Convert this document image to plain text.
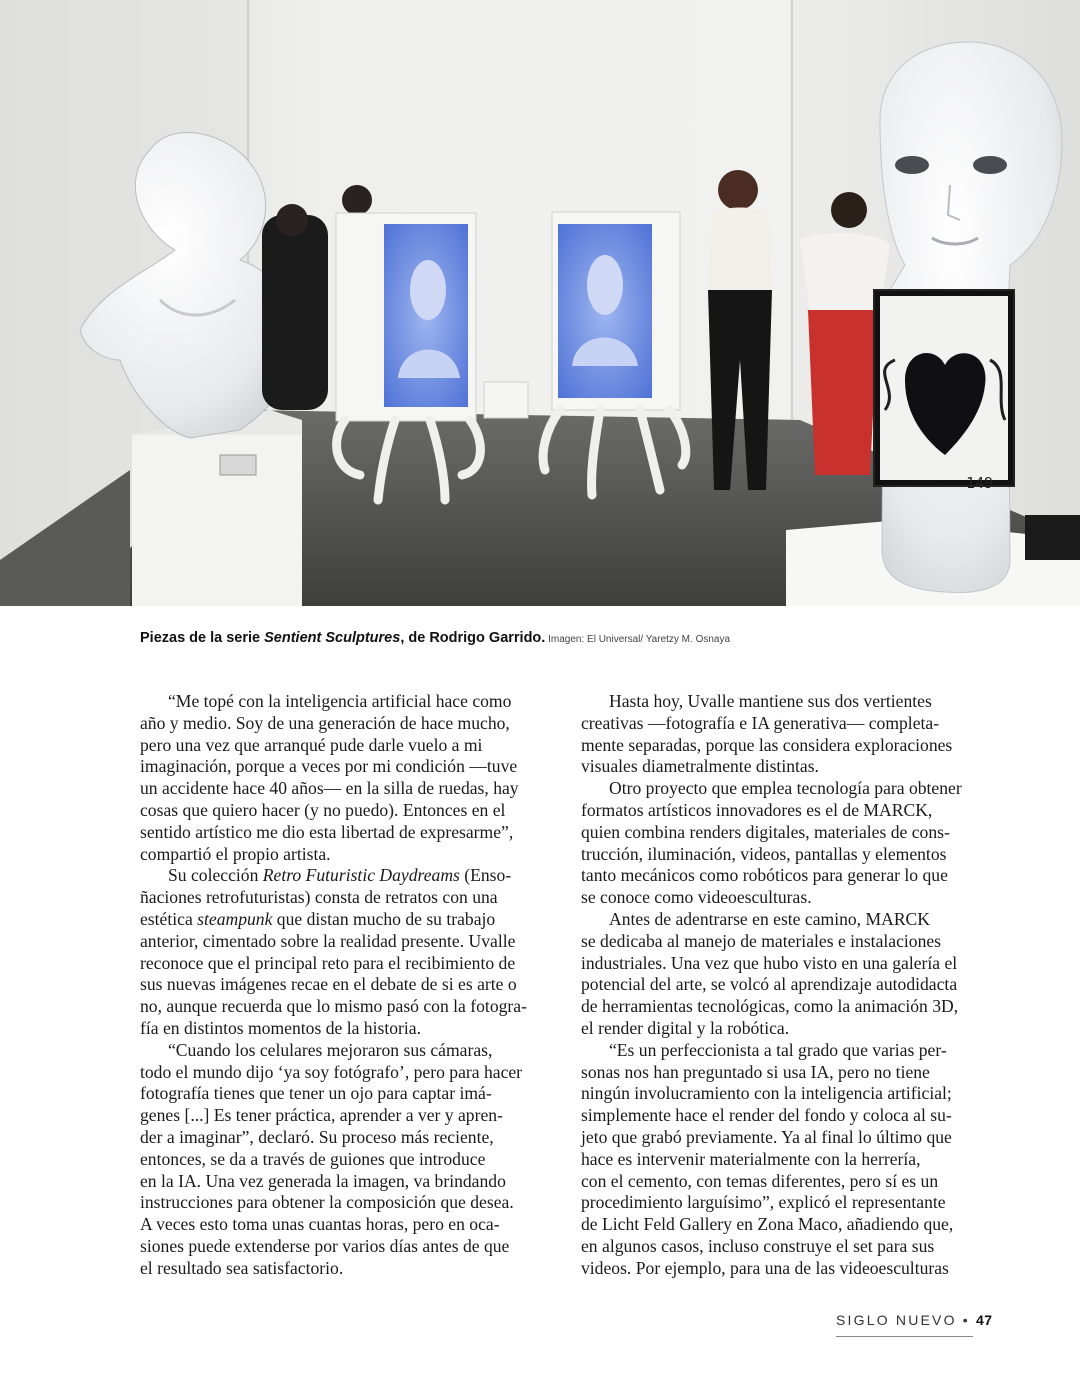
149
Piezas de la serie Sentient Sculptures, de Rodrigo Garrido. Imagen: El Universal/ Yaretzy M. Osnaya
“Me topé con la inteligencia artificial hace como
año y medio. Soy de una generación de hace mucho,
pero una vez que arranqué pude darle vuelo a mi
imaginación, porque a veces por mi condición —tuve
un accidente hace 40 años— en la silla de ruedas, hay
cosas que quiero hacer (y no puedo). Entonces en el
sentido artístico me dio esta libertad de expresarme”,
compartió el propio artista.
Su colección Retro Futuristic Daydreams (Enso-
ñaciones retrofuturistas) consta de retratos con una
estética steampunk que distan mucho de su trabajo
anterior, cimentado sobre la realidad presente. Uvalle
reconoce que el principal reto para el recibimiento de
sus nuevas imágenes recae en el debate de si es arte o
no, aunque recuerda que lo mismo pasó con la fotogra-
fía en distintos momentos de la historia.
“Cuando los celulares mejoraron sus cámaras,
todo el mundo dijo ‘ya soy fotógrafo’, pero para hacer
fotografía tienes que tener un ojo para captar imá-
genes [...] Es tener práctica, aprender a ver y apren-
der a imaginar”, declaró. Su proceso más reciente,
entonces, se da a través de guiones que introduce
en la IA. Una vez generada la imagen, va brindando
instrucciones para obtener la composición que desea.
A veces esto toma unas cuantas horas, pero en oca-
siones puede extenderse por varios días antes de que
el resultado sea satisfactorio.
Hasta hoy, Uvalle mantiene sus dos vertientes
creativas —fotografía e IA generativa— completa-
mente separadas, porque las considera exploraciones
visuales diametralmente distintas.
Otro proyecto que emplea tecnología para obtener
formatos artísticos innovadores es el de MARCK,
quien combina renders digitales, materiales de cons-
trucción, iluminación, videos, pantallas y elementos
tanto mecánicos como robóticos para generar lo que
se conoce como videoesculturas.
Antes de adentrarse en este camino, MARCK
se dedicaba al manejo de materiales e instalaciones
industriales. Una vez que hubo visto en una galería el
potencial del arte, se volcó al aprendizaje autodidacta
de herramientas tecnológicas, como la animación 3D,
el render digital y la robótica.
“Es un perfeccionista a tal grado que varias per-
sonas nos han preguntado si usa IA, pero no tiene
ningún involucramiento con la inteligencia artificial;
simplemente hace el render del fondo y coloca al su-
jeto que grabó previamente. Ya al final lo último que
hace es intervenir materialmente con la herrería,
con el cemento, con temas diferentes, pero sí es un
procedimiento larguísimo”, explicó el representante
de Licht Feld Gallery en Zona Maco, añadiendo que,
en algunos casos, incluso construye el set para sus
videos. Por ejemplo, para una de las videoesculturas
SIGLO NUEVO • 47
